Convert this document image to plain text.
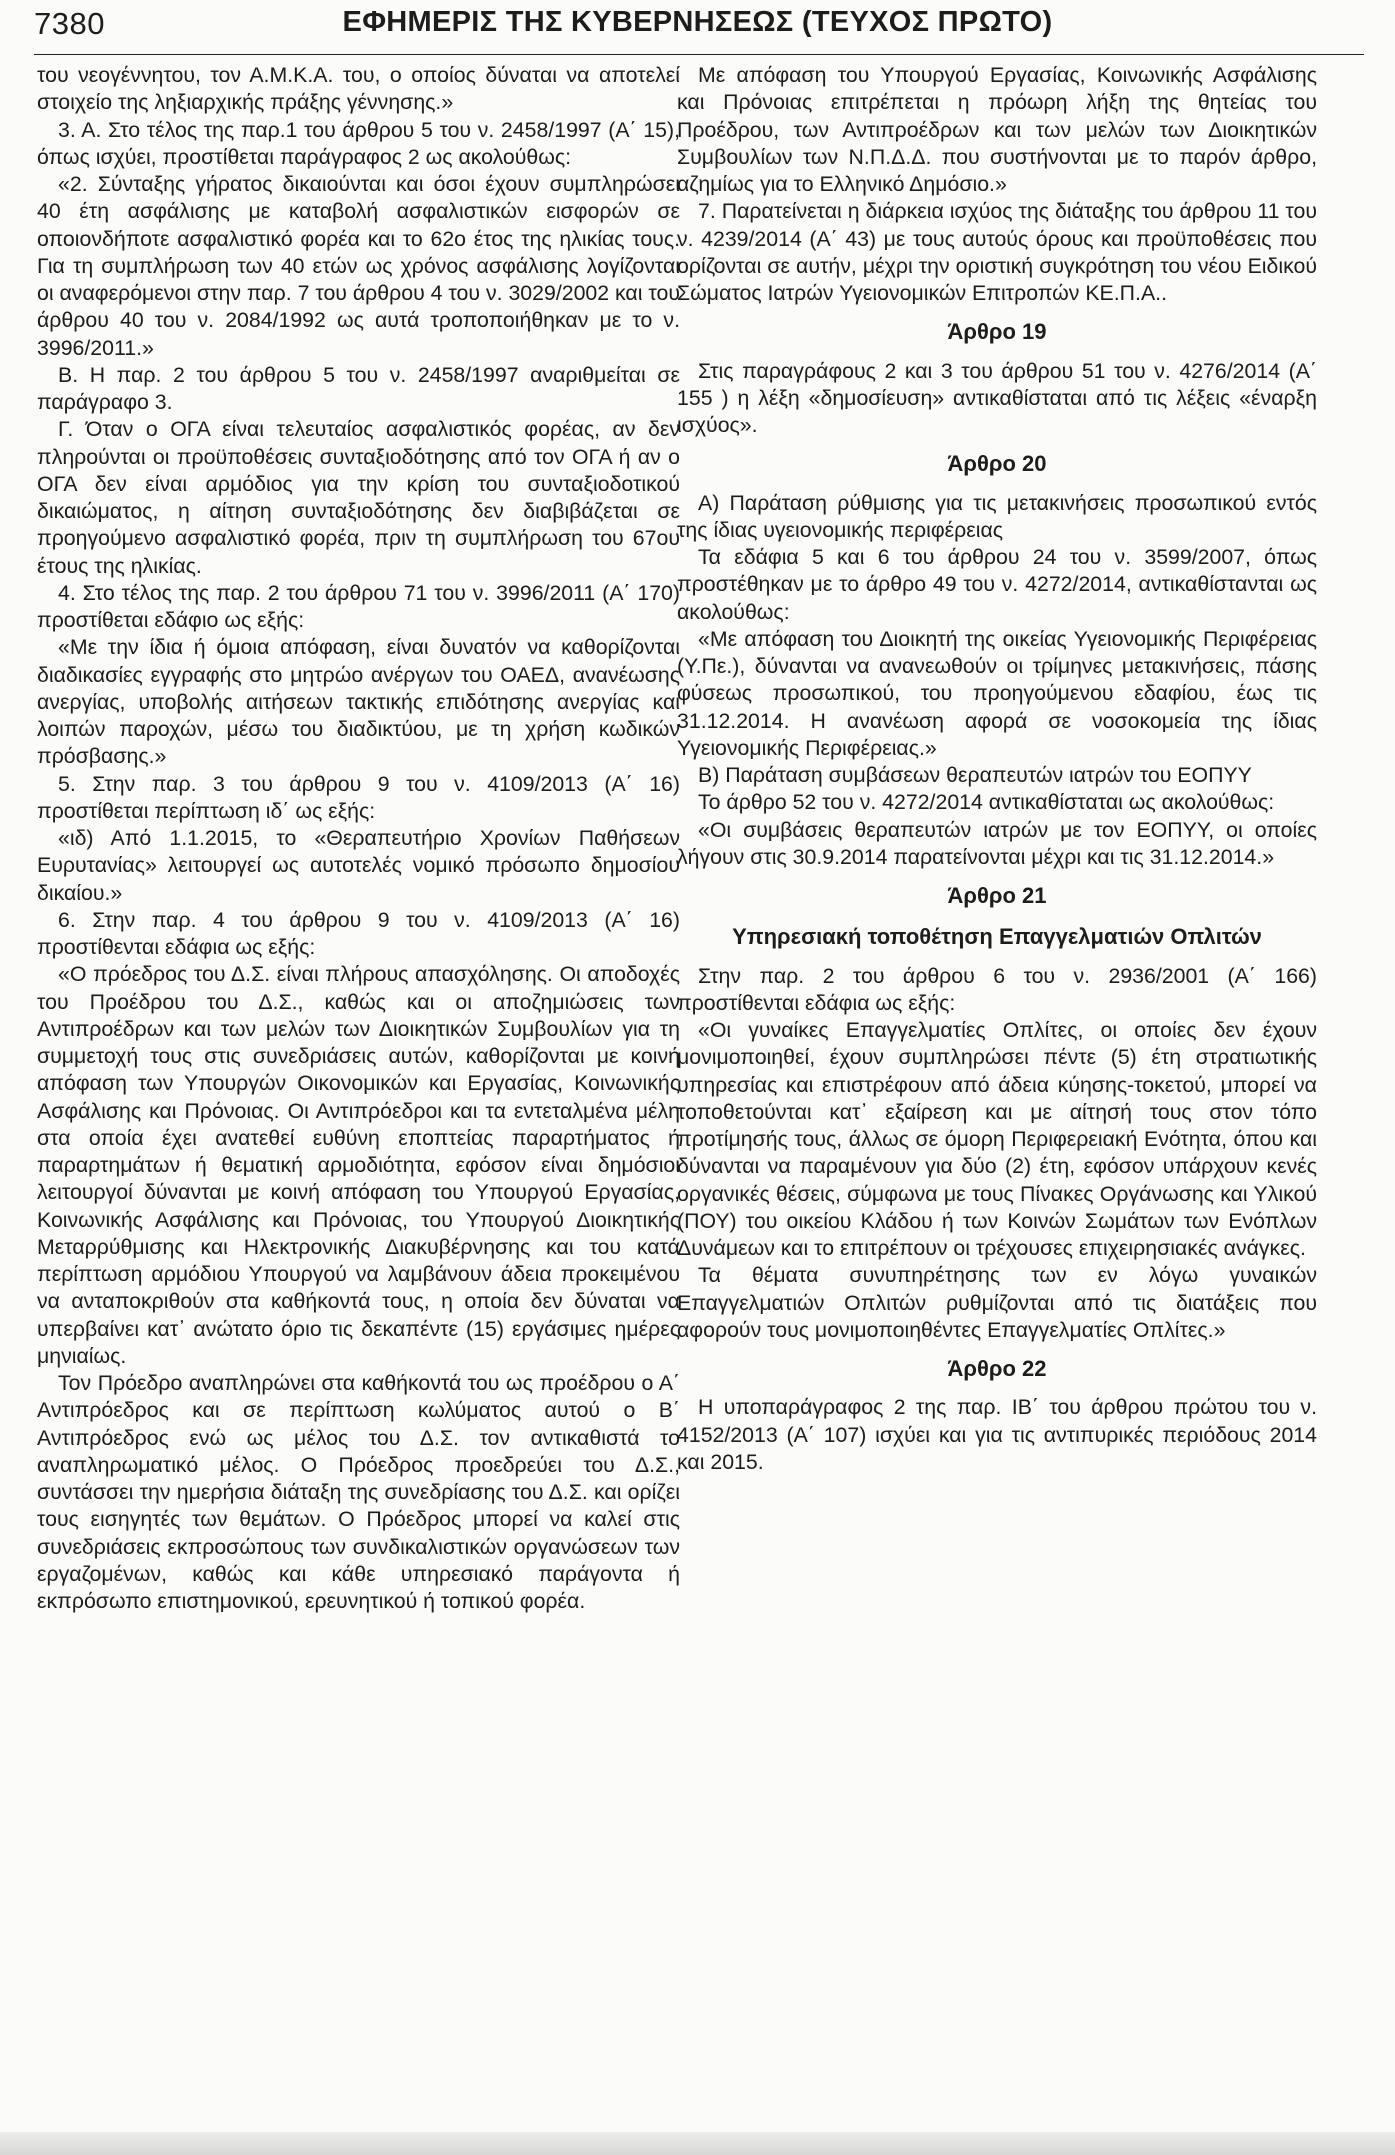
7380	ΕΦΗΜΕΡΙΣ ΤΗΣ ΚΥΒΕΡΝΗΣΕΩΣ (ΤΕΥΧΟΣ ΠΡΩΤΟ)

του νεογέννητου, τον Α.Μ.Κ.Α. του, ο οποίος δύναται να αποτελεί στοιχείο της ληξιαρχικής πράξης γέννησης.»

3. Α. Στο τέλος της παρ.1 του άρθρου 5 του ν. 2458/1997 (Α΄ 15), όπως ισχύει, προστίθεται παράγραφος 2 ως ακολούθως:

«2. Σύνταξης γήρατος δικαιούνται και όσοι έχουν συμπληρώσει 40 έτη ασφάλισης με καταβολή ασφαλιστικών εισφορών σε οποιονδήποτε ασφαλιστικό φορέα και το 62ο έτος της ηλικίας τους. Για τη συμπλήρωση των 40 ετών ως χρόνος ασφάλισης λογίζονται οι αναφερόμενοι στην παρ. 7 του άρθρου 4 του ν. 3029/2002 και του άρθρου 40 του ν. 2084/1992 ως αυτά τροποποιήθηκαν με το ν. 3996/2011.»

Β. Η παρ. 2 του άρθρου 5 του ν. 2458/1997 αναριθμείται σε παράγραφο 3.

Γ. Όταν ο ΟΓΑ είναι τελευταίος ασφαλιστικός φορέας, αν δεν πληρούνται οι προϋποθέσεις συνταξιοδότησης από τον ΟΓΑ ή αν ο ΟΓΑ δεν είναι αρμόδιος για την κρίση του συνταξιοδοτικού δικαιώματος, η αίτηση συνταξιοδότησης δεν διαβιβάζεται σε προηγούμενο ασφαλιστικό φορέα, πριν τη συμπλήρωση του 67ου έτους της ηλικίας.

4. Στο τέλος της παρ. 2 του άρθρου 71 του ν. 3996/2011 (Α΄ 170) προστίθεται εδάφιο ως εξής:

«Με την ίδια ή όμοια απόφαση, είναι δυνατόν να καθορίζονται διαδικασίες εγγραφής στο μητρώο ανέργων του ΟΑΕΔ, ανανέωσης ανεργίας, υποβολής αιτήσεων τακτικής επιδότησης ανεργίας και λοιπών παροχών, μέσω του διαδικτύου, με τη χρήση κωδικών πρόσβασης.»

5. Στην παρ. 3 του άρθρου 9 του ν. 4109/2013 (Α΄ 16) προστίθεται περίπτωση ιδ΄ ως εξής:

«ιδ) Από 1.1.2015, το «Θεραπευτήριο Χρονίων Παθήσεων Ευρυτανίας» λειτουργεί ως αυτοτελές νομικό πρόσωπο δημοσίου δικαίου.»

6. Στην παρ. 4 του άρθρου 9 του ν. 4109/2013 (Α΄ 16) προστίθενται εδάφια ως εξής:

«Ο πρόεδρος του Δ.Σ. είναι πλήρους απασχόλησης. Οι αποδοχές του Προέδρου του Δ.Σ., καθώς και οι αποζημιώσεις των Αντιπροέδρων και των μελών των Διοικητικών Συμβουλίων για τη συμμετοχή τους στις συνεδριάσεις αυτών, καθορίζονται με κοινή απόφαση των Υπουργών Οικονομικών και Εργασίας, Κοινωνικής Ασφάλισης και Πρόνοιας. Οι Αντιπρόεδροι και τα εντεταλμένα μέλη στα οποία έχει ανατεθεί ευθύνη εποπτείας παραρτήματος ή παραρτημάτων ή θεματική αρμοδιότητα, εφόσον είναι δημόσιοι λειτουργοί δύνανται με κοινή απόφαση του Υπουργού Εργασίας, Κοινωνικής Ασφάλισης και Πρόνοιας, του Υπουργού Διοικητικής Μεταρρύθμισης και Ηλεκτρονικής Διακυβέρνησης και του κατά περίπτωση αρμόδιου Υπουργού να λαμβάνουν άδεια προκειμένου να ανταποκριθούν στα καθήκοντά τους, η οποία δεν δύναται να υπερβαίνει κατ᾽ ανώτατο όριο τις δεκαπέντε (15) εργάσιμες ημέρες μηνιαίως.

Τον Πρόεδρο αναπληρώνει στα καθήκοντά του ως προέδρου ο Α΄ Αντιπρόεδρος και σε περίπτωση κωλύματος αυτού ο Β΄ Αντιπρόεδρος ενώ ως μέλος του Δ.Σ. τον αντικαθιστά το αναπληρωματικό μέλος. Ο Πρόεδρος προεδρεύει του Δ.Σ., συντάσσει την ημερήσια διάταξη της συνεδρίασης του Δ.Σ. και ορίζει τους εισηγητές των θεμάτων. Ο Πρόεδρος μπορεί να καλεί στις συνεδριάσεις εκπροσώπους των συνδικαλιστικών οργανώσεων των εργαζομένων, καθώς και κάθε υπηρεσιακό παράγοντα ή εκπρόσωπο επιστημονικού, ερευνητικού ή τοπικού φορέα.

Με απόφαση του Υπουργού Εργασίας, Κοινωνικής Ασφάλισης και Πρόνοιας επιτρέπεται η πρόωρη λήξη της θητείας του Προέδρου, των Αντιπροέδρων και των μελών των Διοικητικών Συμβουλίων των Ν.Π.Δ.Δ. που συστήνονται με το παρόν άρθρο, αζημίως για το Ελληνικό Δημόσιο.»

7. Παρατείνεται η διάρκεια ισχύος της διάταξης του άρθρου 11 του ν. 4239/2014 (Α΄ 43) με τους αυτούς όρους και προϋποθέσεις που ορίζονται σε αυτήν, μέχρι την οριστική συγκρότηση του νέου Ειδικού Σώματος Ιατρών Υγειονομικών Επιτροπών ΚΕ.Π.Α..

Άρθρο 19

Στις παραγράφους 2 και 3 του άρθρου 51 του ν. 4276/2014 (Α΄ 155 ) η λέξη «δημοσίευση» αντικαθίσταται από τις λέξεις «έναρξη ισχύος».

Άρθρο 20

Α) Παράταση ρύθμισης για τις μετακινήσεις προσωπικού εντός της ίδιας υγειονομικής περιφέρειας

Τα εδάφια 5 και 6 του άρθρου 24 του ν. 3599/2007, όπως προστέθηκαν με το άρθρο 49 του ν. 4272/2014, αντικαθίστανται ως ακολούθως:

«Με απόφαση του Διοικητή της οικείας Υγειονομικής Περιφέρειας (Υ.Πε.), δύνανται να ανανεωθούν οι τρίμηνες μετακινήσεις, πάσης φύσεως προσωπικού, του προηγούμενου εδαφίου, έως τις 31.12.2014. Η ανανέωση αφορά σε νοσοκομεία της ίδιας Υγειονομικής Περιφέρειας.»

Β) Παράταση συμβάσεων θεραπευτών ιατρών του ΕΟΠΥΥ

Το άρθρο 52 του ν. 4272/2014 αντικαθίσταται ως ακολούθως:

«Οι συμβάσεις θεραπευτών ιατρών με τον ΕΟΠΥΥ, οι οποίες λήγουν στις 30.9.2014 παρατείνονται μέχρι και τις 31.12.2014.»

Άρθρο 21
Υπηρεσιακή τοποθέτηση Επαγγελματιών Οπλιτών

Στην παρ. 2 του άρθρου 6 του ν. 2936/2001 (Α΄ 166) προστίθενται εδάφια ως εξής:

«Οι γυναίκες Επαγγελματίες Οπλίτες, οι οποίες δεν έχουν μονιμοποιηθεί, έχουν συμπληρώσει πέντε (5) έτη στρατιωτικής υπηρεσίας και επιστρέφουν από άδεια κύησης-τοκετού, μπορεί να τοποθετούνται κατ᾽ εξαίρεση και με αίτησή τους στον τόπο προτίμησής τους, άλλως σε όμορη Περιφερειακή Ενότητα, όπου και δύνανται να παραμένουν για δύο (2) έτη, εφόσον υπάρχουν κενές οργανικές θέσεις, σύμφωνα με τους Πίνακες Οργάνωσης και Υλικού (ΠΟΥ) του οικείου Κλάδου ή των Κοινών Σωμάτων των Ενόπλων Δυνάμεων και το επιτρέπουν οι τρέχουσες επιχειρησιακές ανάγκες.

Τα θέματα συνυπηρέτησης των εν λόγω γυναικών Επαγγελματιών Οπλιτών ρυθμίζονται από τις διατάξεις που αφορούν τους μονιμοποιηθέντες Επαγγελματίες Οπλίτες.»

Άρθρο 22

Η υποπαράγραφος 2 της παρ. ΙΒ΄ του άρθρου πρώτου του ν. 4152/2013 (Α΄ 107) ισχύει και για τις αντιπυρικές περιόδους 2014 και 2015.
